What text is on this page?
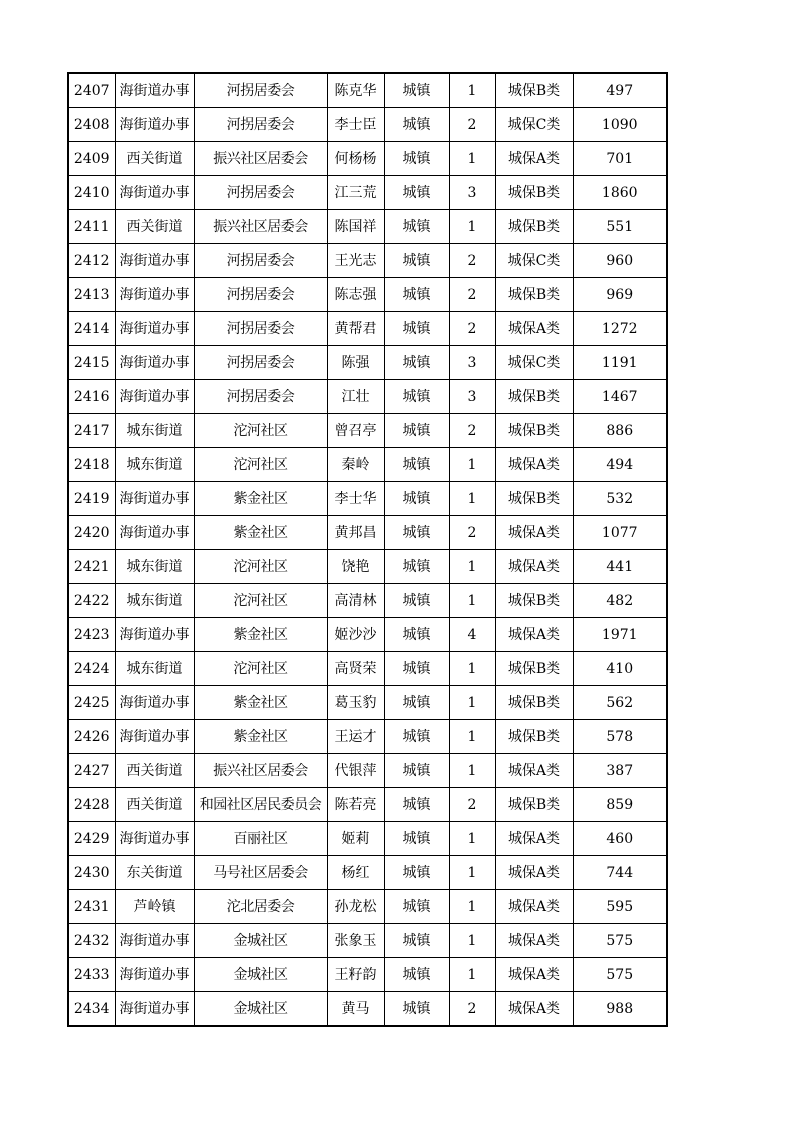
2407	海街道办事	河拐居委会	陈克华	城镇	1	城保B类	497
2408	海街道办事	河拐居委会	李士臣	城镇	2	城保C类	1090
2409	西关街道	振兴社区居委会	何杨杨	城镇	1	城保A类	701
2410	海街道办事	河拐居委会	江三荒	城镇	3	城保B类	1860
2411	西关街道	振兴社区居委会	陈国祥	城镇	1	城保B类	551
2412	海街道办事	河拐居委会	王光志	城镇	2	城保C类	960
2413	海街道办事	河拐居委会	陈志强	城镇	2	城保B类	969
2414	海街道办事	河拐居委会	黄帮君	城镇	2	城保A类	1272
2415	海街道办事	河拐居委会	陈强	城镇	3	城保C类	1191
2416	海街道办事	河拐居委会	江壮	城镇	3	城保B类	1467
2417	城东街道	沱河社区	曾召亭	城镇	2	城保B类	886
2418	城东街道	沱河社区	秦岭	城镇	1	城保A类	494
2419	海街道办事	紫金社区	李士华	城镇	1	城保B类	532
2420	海街道办事	紫金社区	黄邦昌	城镇	2	城保A类	1077
2421	城东街道	沱河社区	饶艳	城镇	1	城保A类	441
2422	城东街道	沱河社区	高清林	城镇	1	城保B类	482
2423	海街道办事	紫金社区	姬沙沙	城镇	4	城保A类	1971
2424	城东街道	沱河社区	高贤荣	城镇	1	城保B类	410
2425	海街道办事	紫金社区	葛玉豹	城镇	1	城保B类	562
2426	海街道办事	紫金社区	王运才	城镇	1	城保B类	578
2427	西关街道	振兴社区居委会	代银萍	城镇	1	城保A类	387
2428	西关街道	和园社区居民委员会	陈若亮	城镇	2	城保B类	859
2429	海街道办事	百丽社区	姬莉	城镇	1	城保A类	460
2430	东关街道	马号社区居委会	杨红	城镇	1	城保A类	744
2431	芦岭镇	沱北居委会	孙龙松	城镇	1	城保A类	595
2432	海街道办事	金城社区	张象玉	城镇	1	城保A类	575
2433	海街道办事	金城社区	王籽韵	城镇	1	城保A类	575
2434	海街道办事	金城社区	黄马	城镇	2	城保A类	988
